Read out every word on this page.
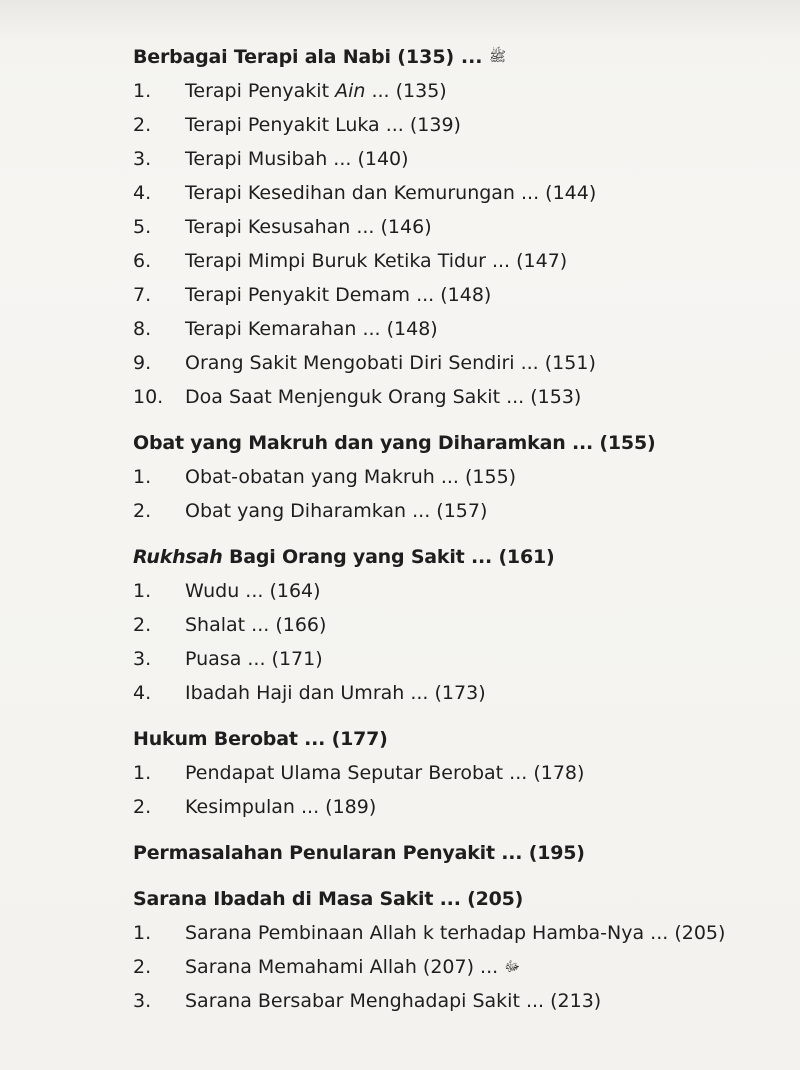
Berbagai Terapi ala Nabi	ﷺ ... (135)
1. Terapi Penyakit Ain ... (135)
2. Terapi Penyakit Luka ... (139)
3. Terapi Musibah ... (140)
4. Terapi Kesedihan dan Kemurungan ... (144)
5. Terapi Kesusahan ... (146)
6. Terapi Mimpi Buruk Ketika Tidur ... (147)
7. Terapi Penyakit Demam ... (148)
8. Terapi Kemarahan ... (148)
9. Orang Sakit Mengobati Diri Sendiri ... (151)
10. Doa Saat Menjenguk Orang Sakit ... (153)
Obat yang Makruh dan yang Diharamkan ... (155)
1. Obat-obatan yang Makruh ... (155)
2. Obat yang Diharamkan ... (157)
Rukhsah Bagi Orang yang Sakit ... (161)
1. Wudu ... (164)
2. Shalat ... (166)
3. Puasa ... (171)
4. Ibadah Haji dan Umrah ... (173)
Hukum Berobat ... (177)
1. Pendapat Ulama Seputar Berobat ... (178)
2. Kesimpulan ... (189)
Permasalahan Penularan Penyakit ... (195)
Sarana Ibadah di Masa Sakit ... (205)
1. Sarana Pembinaan Allah k terhadap Hamba-Nya ... (205)
2. Sarana Memahami Allah	ﷻ ... (207)
3. Sarana Bersabar Menghadapi Sakit ... (213)
